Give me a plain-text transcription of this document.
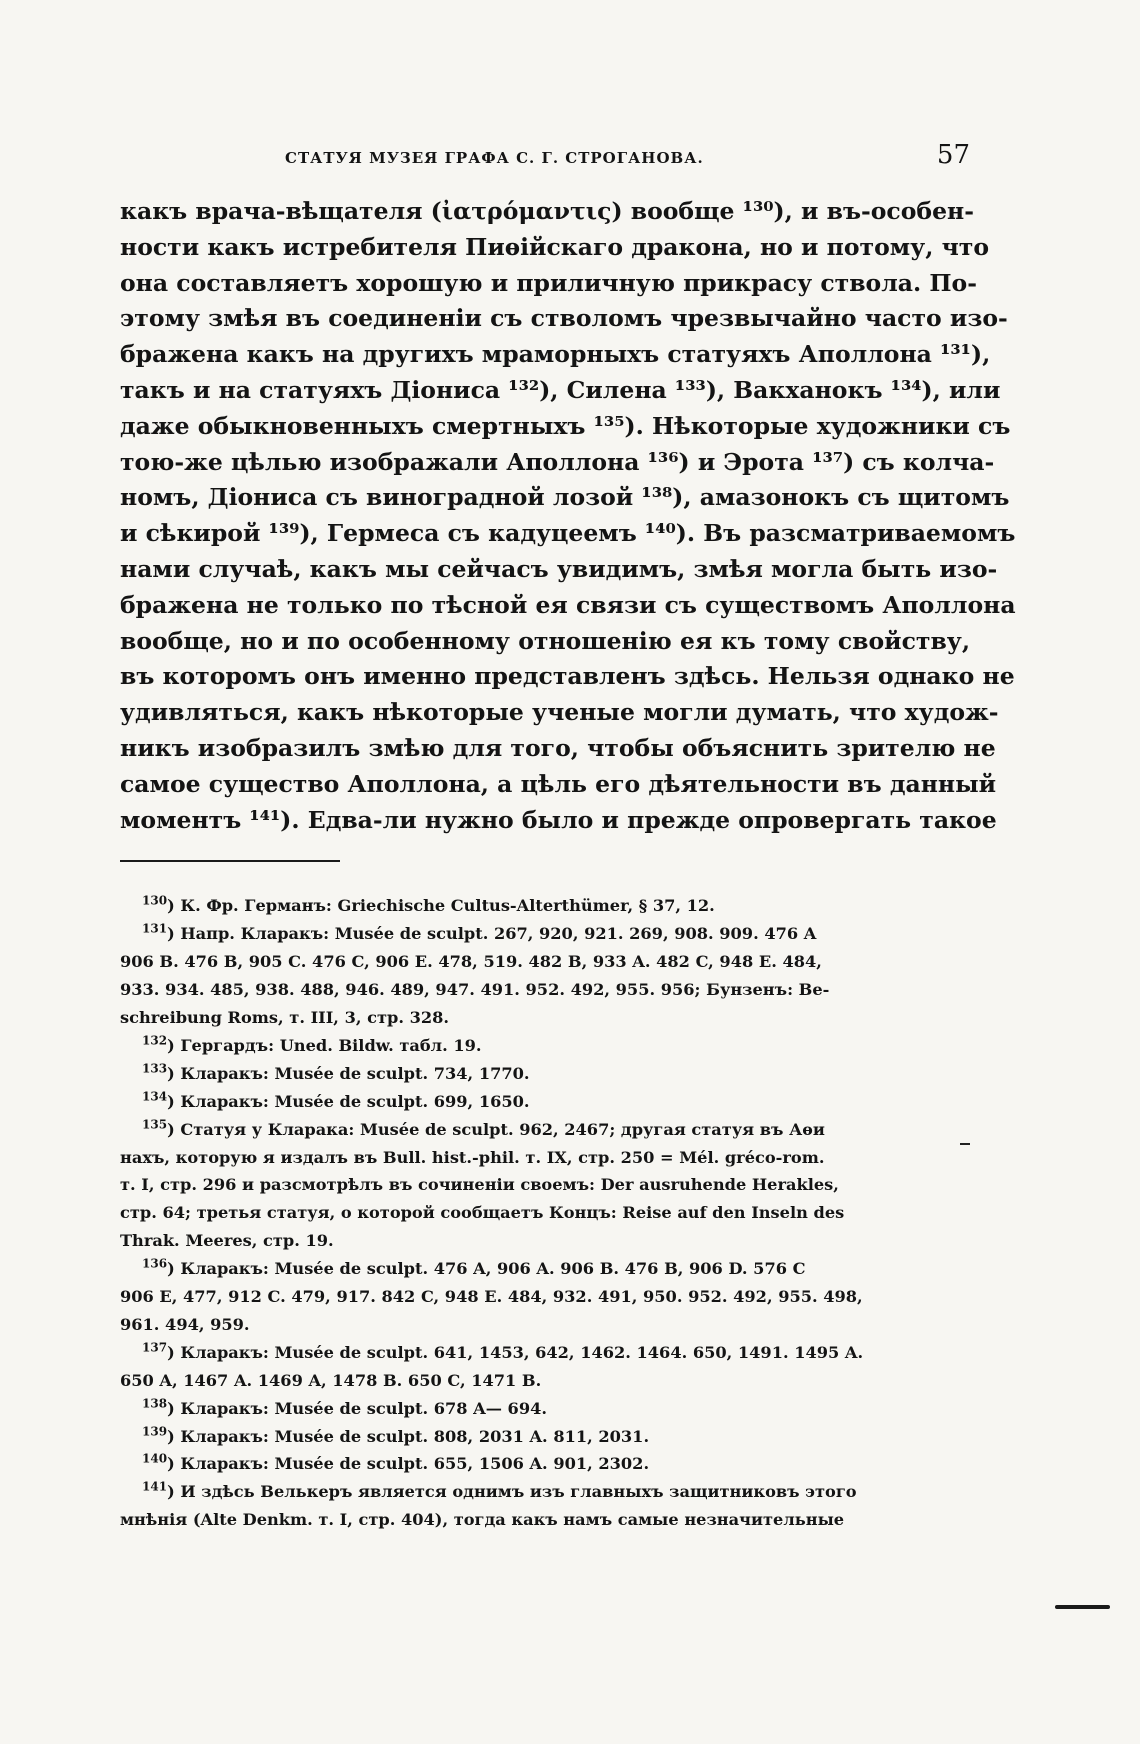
СТАТУЯ МУЗЕЯ ГРАФА С. Г. СТРОГАНОВА.	57
какъ врача-вѣщателя (ἰατρόμαντις) вообще ¹³⁰), и въ-особен-
ности какъ истребителя Пиѳійскаго дракона, но и потому, что
она составляетъ хорошую и приличную прикрасу ствола. По-
этому змѣя въ соединеніи съ стволомъ чрезвычайно часто изо-
бражена какъ на другихъ мраморныхъ статуяхъ Аполлона ¹³¹),
такъ и на статуяхъ Діониса ¹³²), Силена ¹³³), Вакханокъ ¹³⁴), или
даже обыкновенныхъ смертныхъ ¹³⁵). Нѣкоторые художники съ
тою-же цѣлью изображали Аполлона ¹³⁶) и Эрота ¹³⁷) съ колча-
номъ, Діониса съ виноградной лозой ¹³⁸), амазонокъ съ щитомъ
и сѣкирой ¹³⁹), Гермеса съ кадуцеемъ ¹⁴⁰). Въ разсматриваемомъ
нами случаѣ, какъ мы сейчасъ увидимъ, змѣя могла быть изо-
бражена не только по тѣсной ея связи съ существомъ Аполлона
вообще, но и по особенному отношенію ея къ тому свойству,
въ которомъ онъ именно представленъ здѣсь. Нельзя однако не
удивляться, какъ нѣкоторые ученые могли думать, что худож-
никъ изобразилъ змѣю для того, чтобы объяснить зрителю не
самое существо Аполлона, а цѣль его дѣятельности въ данный
моментъ ¹⁴¹). Едва-ли нужно было и прежде опровергать такое
$^{130}$) К. Фр. Германъ: Griechische Cultus-Alterthümer, § 37, 12.
$^{131}$) Напр. Кларакъ: Musée de sculpt. 267, 920, 921. 269, 908. 909. 476 A
906 B. 476 B, 905 C. 476 C, 906 E. 478, 519. 482 B, 933 A. 482 C, 948 E. 484,
933. 934. 485, 938. 488, 946. 489, 947. 491. 952. 492, 955. 956; Бунзенъ: Be-
schreibung Roms, т. III, 3, стр. 328.
$^{132}$) Гергардъ: Uned. Bildw. табл. 19.
$^{133}$) Кларакъ: Musée de sculpt. 734, 1770.
$^{134}$) Кларакъ: Musée de sculpt. 699, 1650.
$^{135}$) Статуя у Кларака: Musée de sculpt. 962, 2467; другая статуя въ Аѳи
нахъ, которую я издалъ въ Bull. hist.-phil. т. IX, стр. 250 = Mél. gréco-rom.
т. I, стр. 296 и разсмотрѣлъ въ сочиненіи своемъ: Der ausruhende Herakles,
стр. 64; третья статуя, о которой сообщаетъ Концъ: Reise auf den Inseln des
Thrak. Meeres, стр. 19.
$^{136}$) Кларакъ: Musée de sculpt. 476 A, 906 A. 906 B. 476 B, 906 D. 576 C
906 E, 477, 912 C. 479, 917. 842 C, 948 E. 484, 932. 491, 950. 952. 492, 955. 498,
961. 494, 959.
$^{137}$) Кларакъ: Musée de sculpt. 641, 1453, 642, 1462. 1464. 650, 1491. 1495 A.
650 A, 1467 A. 1469 A, 1478 B. 650 C, 1471 B.
$^{138}$) Кларакъ: Musée de sculpt. 678 A— 694.
$^{139}$) Кларакъ: Musée de sculpt. 808, 2031 A. 811, 2031.
$^{140}$) Кларакъ: Musée de sculpt. 655, 1506 A. 901, 2302.
$^{141}$) И здѣсь Велькеръ является однимъ изъ главныхъ защитниковъ этого
мнѣнія (Alte Denkm. т. I, стр. 404), тогда какъ намъ самые незначительные
